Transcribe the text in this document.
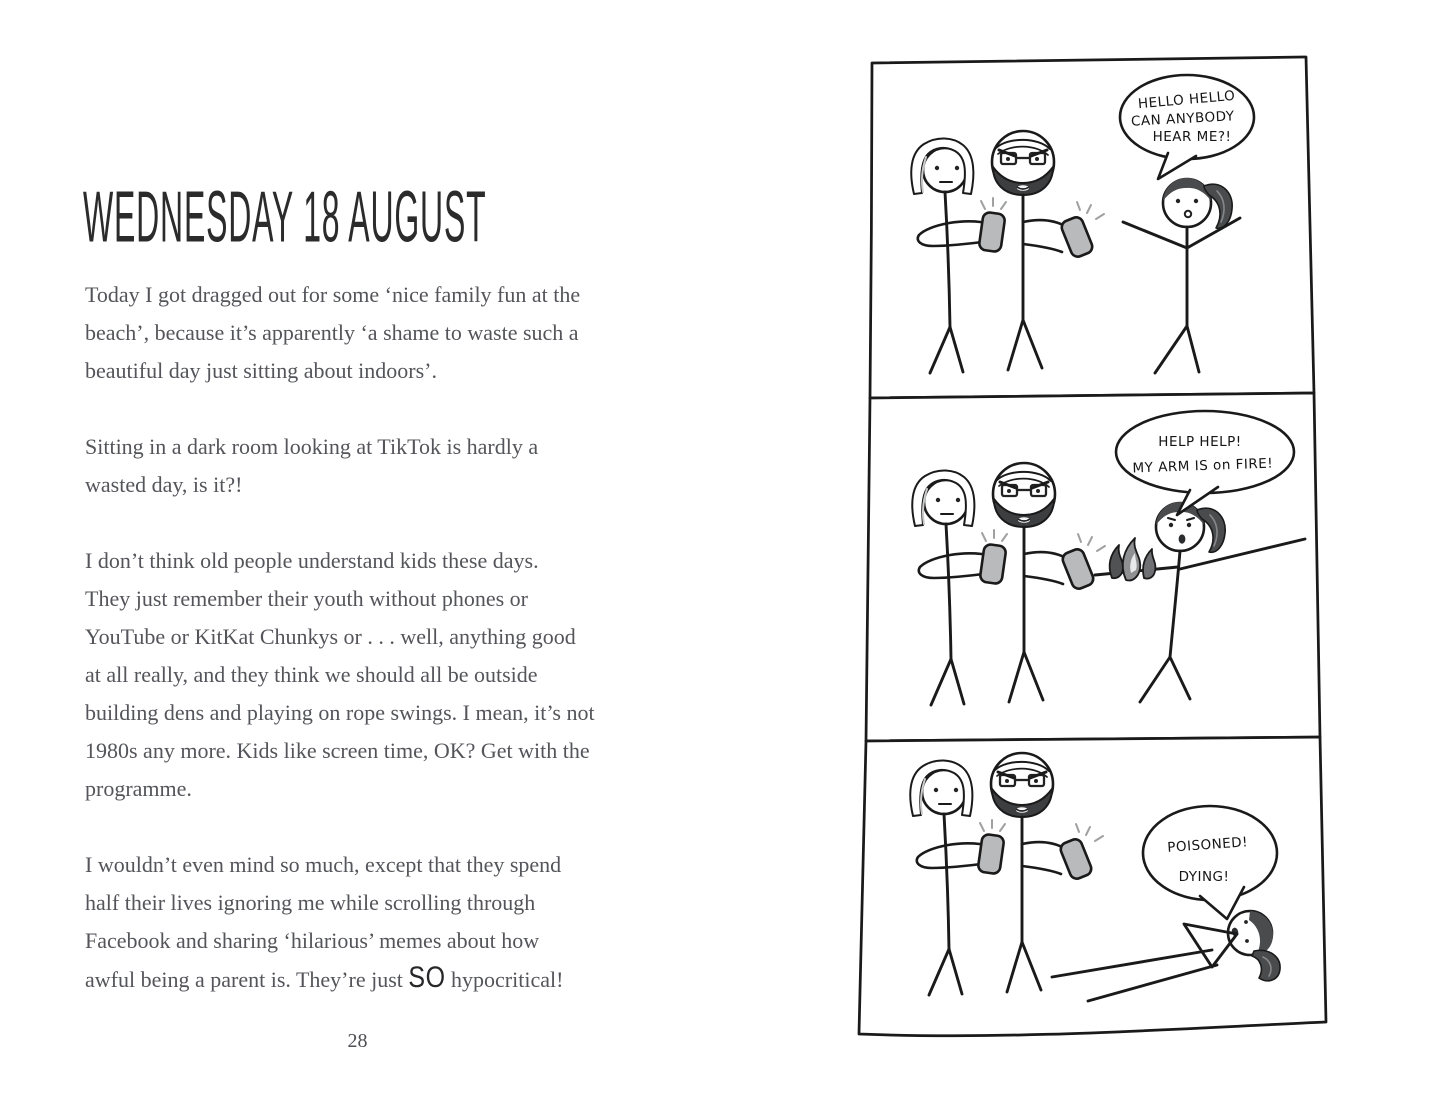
WEDNESDAY 18 AUGUST
Today I got dragged out for some ‘nice family fun at the
beach’, because it’s apparently ‘a shame to waste such a
beautiful day just sitting about indoors’.
Sitting in a dark room looking at TikTok is hardly a
wasted day, is it?!
I don’t think old people understand kids these days.
They just remember their youth without phones or
YouTube or KitKat Chunkys or . . . well, anything good
at all really, and they think we should all be outside
building dens and playing on rope swings. I mean, it’s not
1980s any more. Kids like screen time, OK? Get with the
programme.
I wouldn’t even mind so much, except that they spend
half their lives ignoring me while scrolling through
Facebook and sharing ‘hilarious’ memes about how
awful being a parent is. They’re just SO hypocritical!
28
HELLO HELLO
CAN ANYBODY
HEAR ME?!
HELP HELP!
MY ARM IS on FIRE!
POISONED!
DYING!
